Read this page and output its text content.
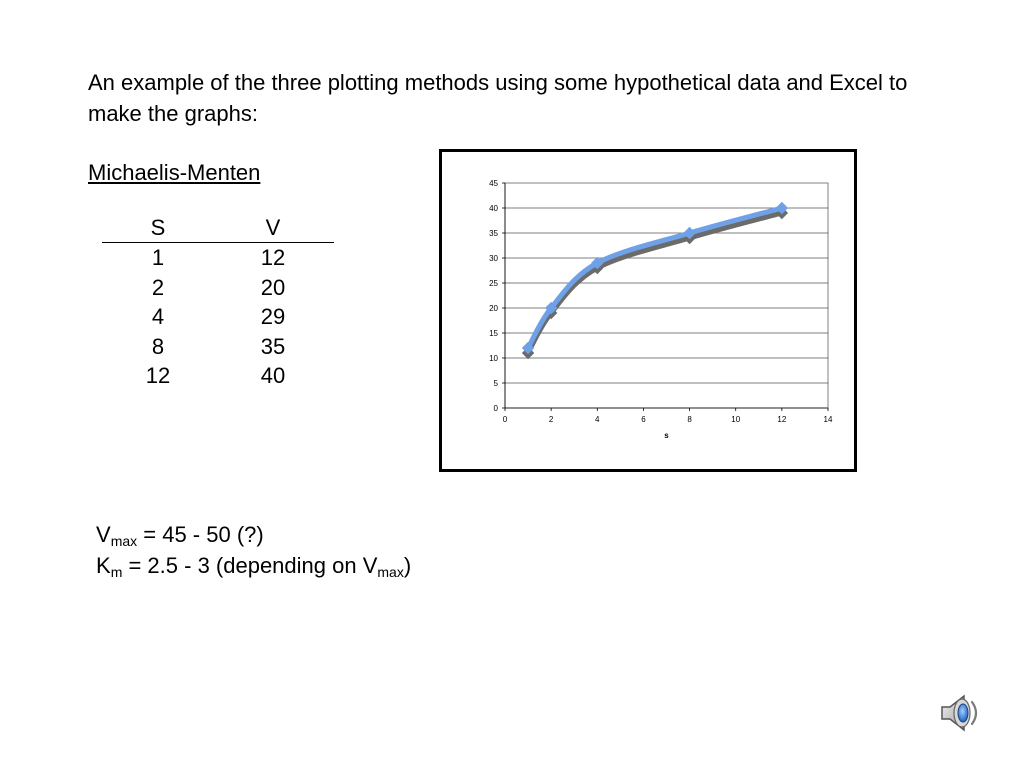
An example of the three plotting methods using some hypothetical data and Excel to make the graphs:
Michaelis-Menten
S	V
1	12
2	20
4	29
8	35
12	40
0
5
10
15
20
25
30
35
40
45
0	2	4	6	8	10	12	14
s
$V_{max} = 45 - 50$ (?)
$K_m = 2.5 - 3$ (depending on $V_{max}$)
